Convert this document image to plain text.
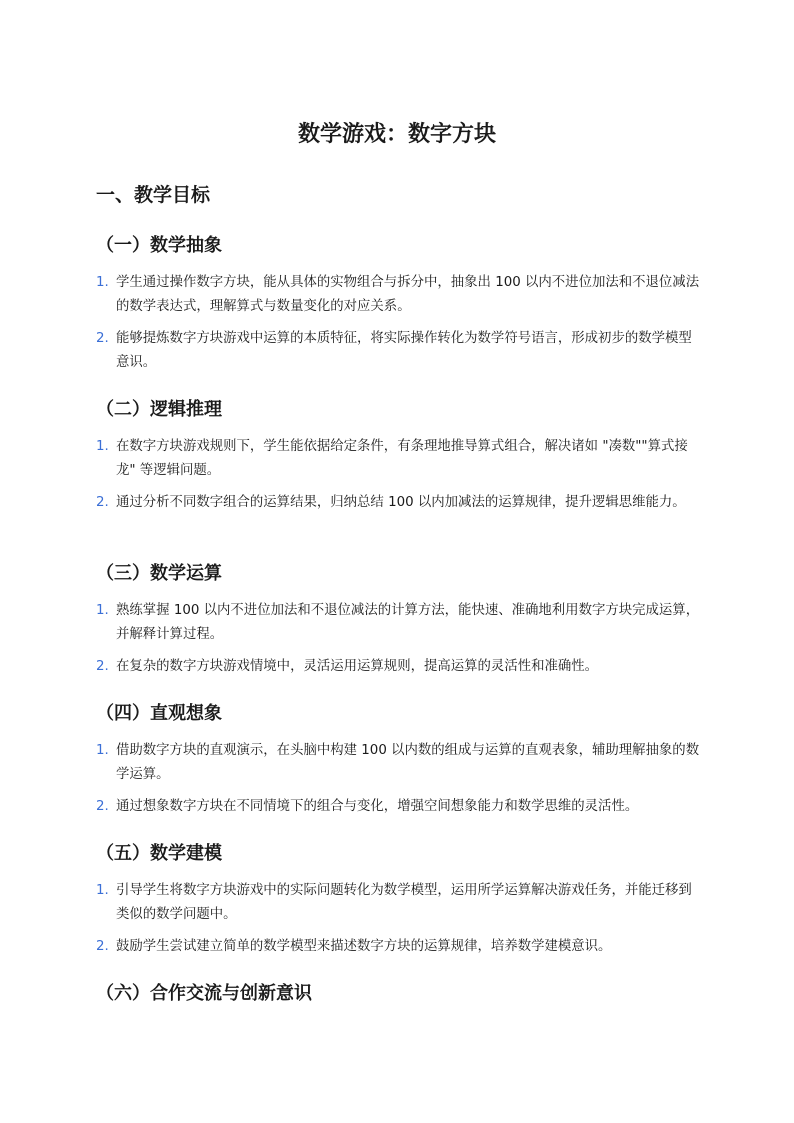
数学游戏：数字方块
一、教学目标
（一）数学抽象
1. 学生通过操作数字方块，能从具体的实物组合与拆分中，抽象出 100 以内不进位加法和不退位减法的数学表达式，理解算式与数量变化的对应关系。
2. 能够提炼数字方块游戏中运算的本质特征，将实际操作转化为数学符号语言，形成初步的数学模型意识。
（二）逻辑推理
1. 在数字方块游戏规则下，学生能依据给定条件，有条理地推导算式组合，解决诸如 "凑数""算式接龙" 等逻辑问题。
2. 通过分析不同数字组合的运算结果，归纳总结 100 以内加减法的运算规律，提升逻辑思维能力。
（三）数学运算
1. 熟练掌握 100 以内不进位加法和不退位减法的计算方法，能快速、准确地利用数字方块完成运算，并解释计算过程。
2. 在复杂的数字方块游戏情境中，灵活运用运算规则，提高运算的灵活性和准确性。
（四）直观想象
1. 借助数字方块的直观演示，在头脑中构建 100 以内数的组成与运算的直观表象，辅助理解抽象的数学运算。
2. 通过想象数字方块在不同情境下的组合与变化，增强空间想象能力和数学思维的灵活性。
（五）数学建模
1. 引导学生将数字方块游戏中的实际问题转化为数学模型，运用所学运算解决游戏任务，并能迁移到类似的数学问题中。
2. 鼓励学生尝试建立简单的数学模型来描述数字方块的运算规律，培养数学建模意识。
（六）合作交流与创新意识
